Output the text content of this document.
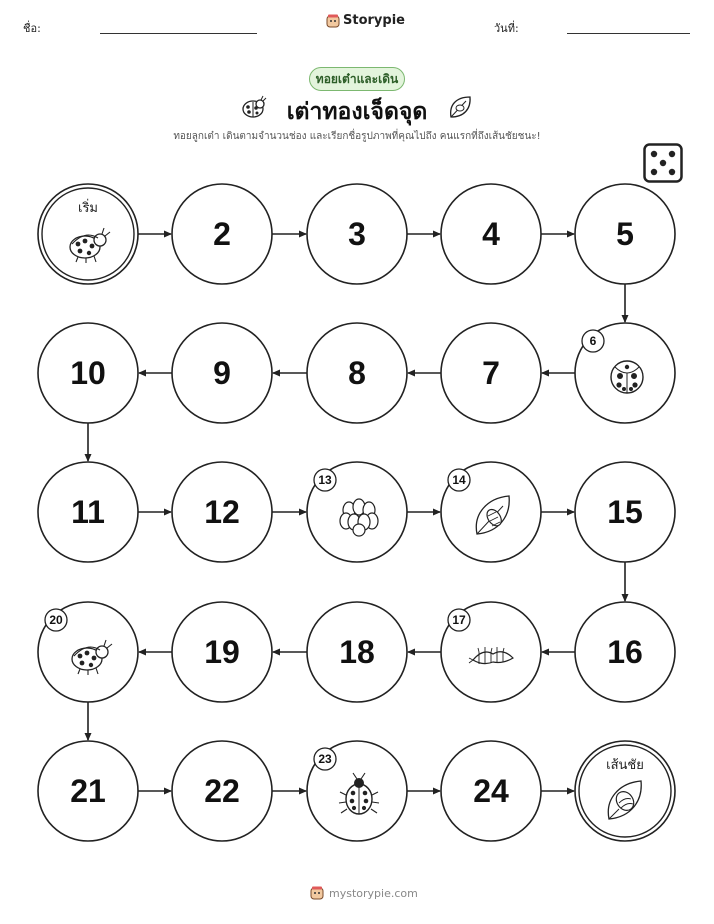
ชื่อ:
Storypie
วันที่:
ทอยเต๋าและเดิน
เต่าทองเจ็ดจุด
ทอยลูกเต๋า เดินตามจำนวนช่อง และเรียกชื่อรูปภาพที่คุณไปถึง คนแรกที่ถึงเส้นชัยชนะ!
เริ่ม
2	3	4	5
6
7
8
9
10
11	12
13	14
15
16
17
18
19
20
21	22
23
24
เส้นชัย
mystorypie.com
